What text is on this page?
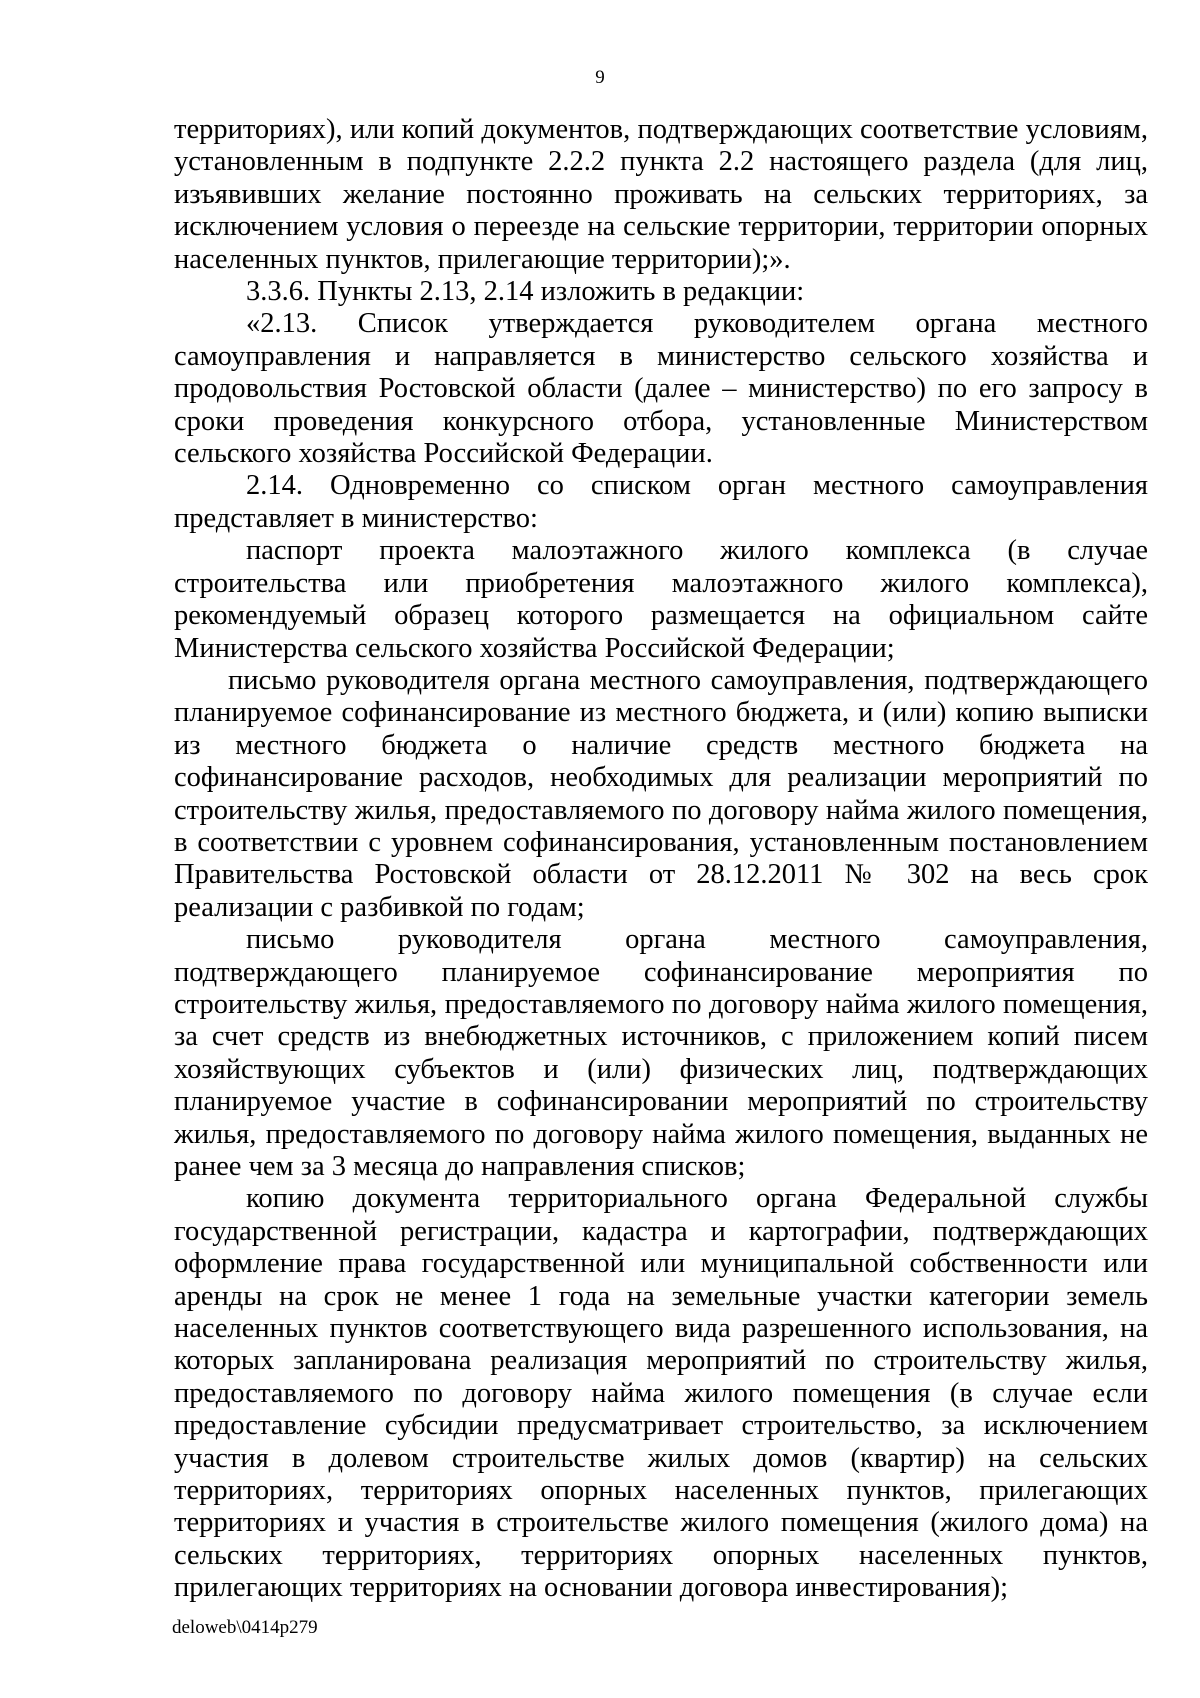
9

территориях), или копий документов, подтверждающих соответствие условиям, установленным в подпункте 2.2.2 пункта 2.2 настоящего раздела (для лиц, изъявивших желание постоянно проживать на сельских территориях, за исключением условия о переезде на сельские территории, территории опорных населенных пунктов, прилегающие территории);».

3.3.6. Пункты 2.13, 2.14 изложить в редакции:

«2.13. Список утверждается руководителем органа местного самоуправления и направляется в министерство сельского хозяйства и продовольствия Ростовской области (далее – министерство) по его запросу в сроки проведения конкурсного отбора, установленные Министерством сельского хозяйства Российской Федерации.

2.14. Одновременно со списком орган местного самоуправления представляет в министерство:

паспорт проекта малоэтажного жилого комплекса (в случае строительства или приобретения малоэтажного жилого комплекса), рекомендуемый образец которого размещается на официальном сайте Министерства сельского хозяйства Российской Федерации;

письмо руководителя органа местного самоуправления, подтверждающего планируемое софинансирование из местного бюджета, и (или) копию выписки из местного бюджета о наличие средств местного бюджета на софинансирование расходов, необходимых для реализации мероприятий по строительству жилья, предоставляемого по договору найма жилого помещения, в соответствии с уровнем софинансирования, установленным постановлением Правительства Ростовской области от 28.12.2011 № 302 на весь срок реализации с разбивкой по годам;

письмо руководителя органа местного самоуправления, подтверждающего планируемое софинансирование мероприятия по строительству жилья, предоставляемого по договору найма жилого помещения, за счет средств из внебюджетных источников, с приложением копий писем хозяйствующих субъектов и (или) физических лиц, подтверждающих планируемое участие в софинансировании мероприятий по строительству жилья, предоставляемого по договору найма жилого помещения, выданных не ранее чем за 3 месяца до направления списков;

копию документа территориального органа Федеральной службы государственной регистрации, кадастра и картографии, подтверждающих оформление права государственной или муниципальной собственности или аренды на срок не менее 1 года на земельные участки категории земель населенных пунктов соответствующего вида разрешенного использования, на которых запланирована реализация мероприятий по строительству жилья, предоставляемого по договору найма жилого помещения (в случае если предоставление субсидии предусматривает строительство, за исключением участия в долевом строительстве жилых домов (квартир) на сельских территориях, территориях опорных населенных пунктов, прилегающих территориях и участия в строительстве жилого помещения (жилого дома) на сельских территориях, территориях опорных населенных пунктов, прилегающих территориях на основании договора инвестирования);

deloweb\0414p279
